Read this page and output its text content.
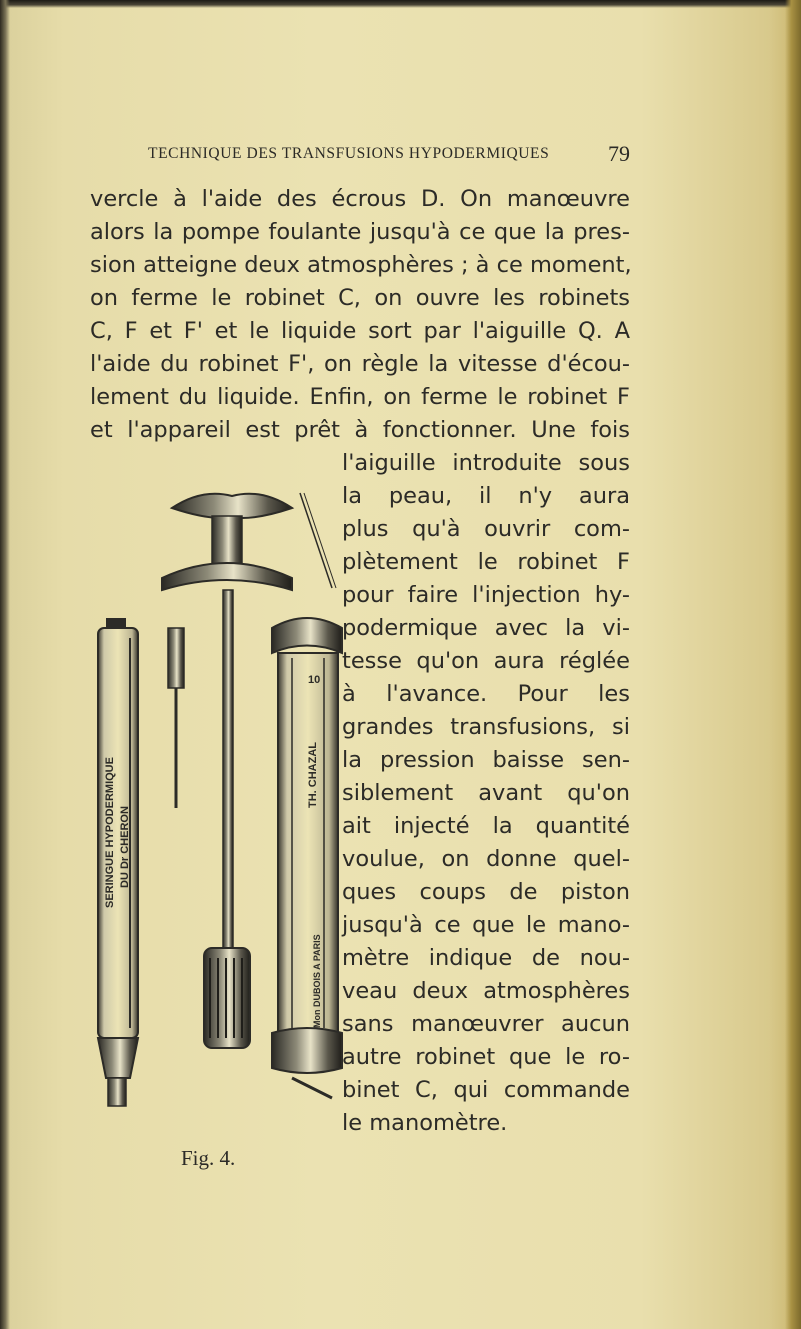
TECHNIQUE DES TRANSFUSIONS HYPODERMIQUES	79
vercle à l'aide des écrous D. On manœuvre
alors la pompe foulante jusqu'à ce que la pres-
sion atteigne deux atmosphères ; à ce moment,
on ferme le robinet C, on ouvre les robinets
C, F et F' et le liquide sort par l'aiguille Q. A
l'aide du robinet F', on règle la vitesse d'écou-
lement du liquide. Enfin, on ferme le robinet F
et l'appareil est prêt à fonctionner. Une fois
l'aiguille introduite sous
la peau, il n'y aura
plus qu'à ouvrir com-
plètement le robinet F
pour faire l'injection hy-
podermique avec la vi-
tesse qu'on aura réglée
à l'avance. Pour les
grandes transfusions, si
la pression baisse sen-
siblement avant qu'on
ait injecté la quantité
voulue, on donne quel-
ques coups de piston
jusqu'à ce que le mano-
mètre indique de nou-
veau deux atmosphères
sans manœuvrer aucun
autre robinet que le ro-
binet C, qui commande
le manomètre.
SERINGUE HYPODERMIQUE DU Dr CHERON
10
TH. CHAZAL
Mon DUBOIS A PARIS
Fig. 4.
